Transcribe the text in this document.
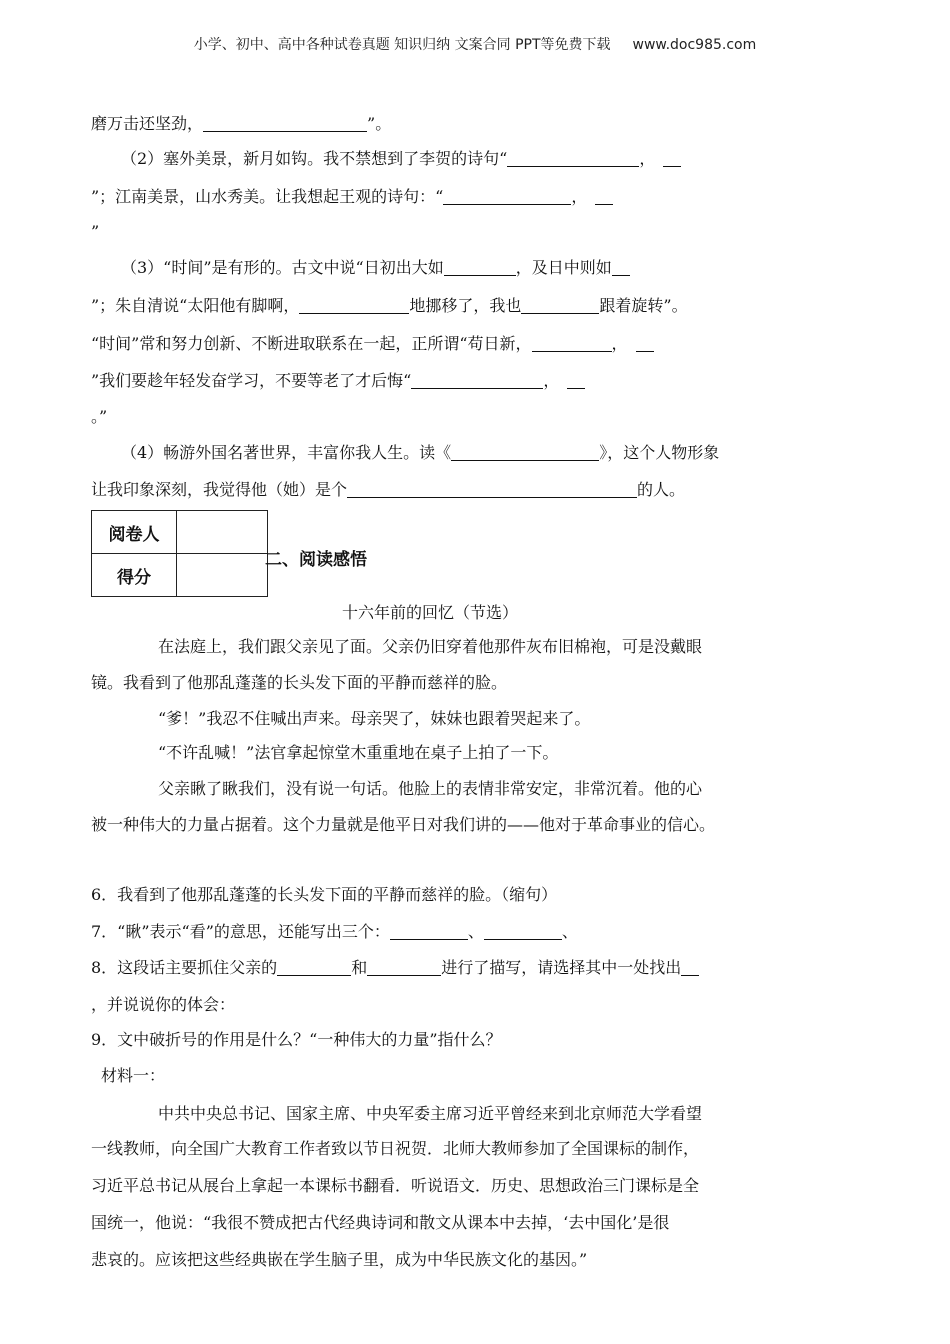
小学、初中、高中各种试卷真题 知识归纳 文案合同 PPT等免费下载 www.doc985.com
磨万击还坚劲，	”。
（2）塞外美景，新月如钩。我不禁想到了李贺的诗句“	，
”；江南美景，山水秀美。让我想起王观的诗句：“	，
”
（3）“时间”是有形的。古文中说“日初出大如	，及日中则如
”；朱自清说“太阳他有脚啊，	地挪移了，我也	跟着旋转”。
“时间”常和努力创新、不断进取联系在一起，正所谓“苟日新，	，
”我们要趁年轻发奋学习，不要等老了才后悔“	，
。”
（4）畅游外国名著世界，丰富你我人生。读《	》，这个人物形象
让我印象深刻，我觉得他（她）是个	的人。
阅卷人	
得分	
二、阅读感悟
十六年前的回忆（节选）
在法庭上，我们跟父亲见了面。父亲仍旧穿着他那件灰布旧棉袍，可是没戴眼
镜。我看到了他那乱蓬蓬的长头发下面的平静而慈祥的脸。
“爹！”我忍不住喊出声来。母亲哭了，妹妹也跟着哭起来了。
“不许乱喊！”法官拿起惊堂木重重地在桌子上拍了一下。
父亲瞅了瞅我们，没有说一句话。他脸上的表情非常安定，非常沉着。他的心
被一种伟大的力量占据着。这个力量就是他平日对我们讲的——他对于革命事业的信心。
6．我看到了他那乱蓬蓬的长头发下面的平静而慈祥的脸。（缩句）
7．“瞅”表示“看”的意思，还能写出三个：	、	、
8．这段话主要抓住父亲的	和	进行了描写，请选择其中一处找出
，并说说你的体会：
9．文中破折号的作用是什么？“一种伟大的力量”指什么？
材料一：
中共中央总书记、国家主席、中央军委主席习近平曾经来到北京师范大学看望
一线教师，向全国广大教育工作者致以节日祝贺．北师大教师参加了全国课标的制作，
习近平总书记从展台上拿起一本课标书翻看．听说语文．历史、思想政治三门课标是全
国统一，他说：“我很不赞成把古代经典诗词和散文从课本中去掉，‘去中国化’是很
悲哀的。应该把这些经典嵌在学生脑子里，成为中华民族文化的基因。”
